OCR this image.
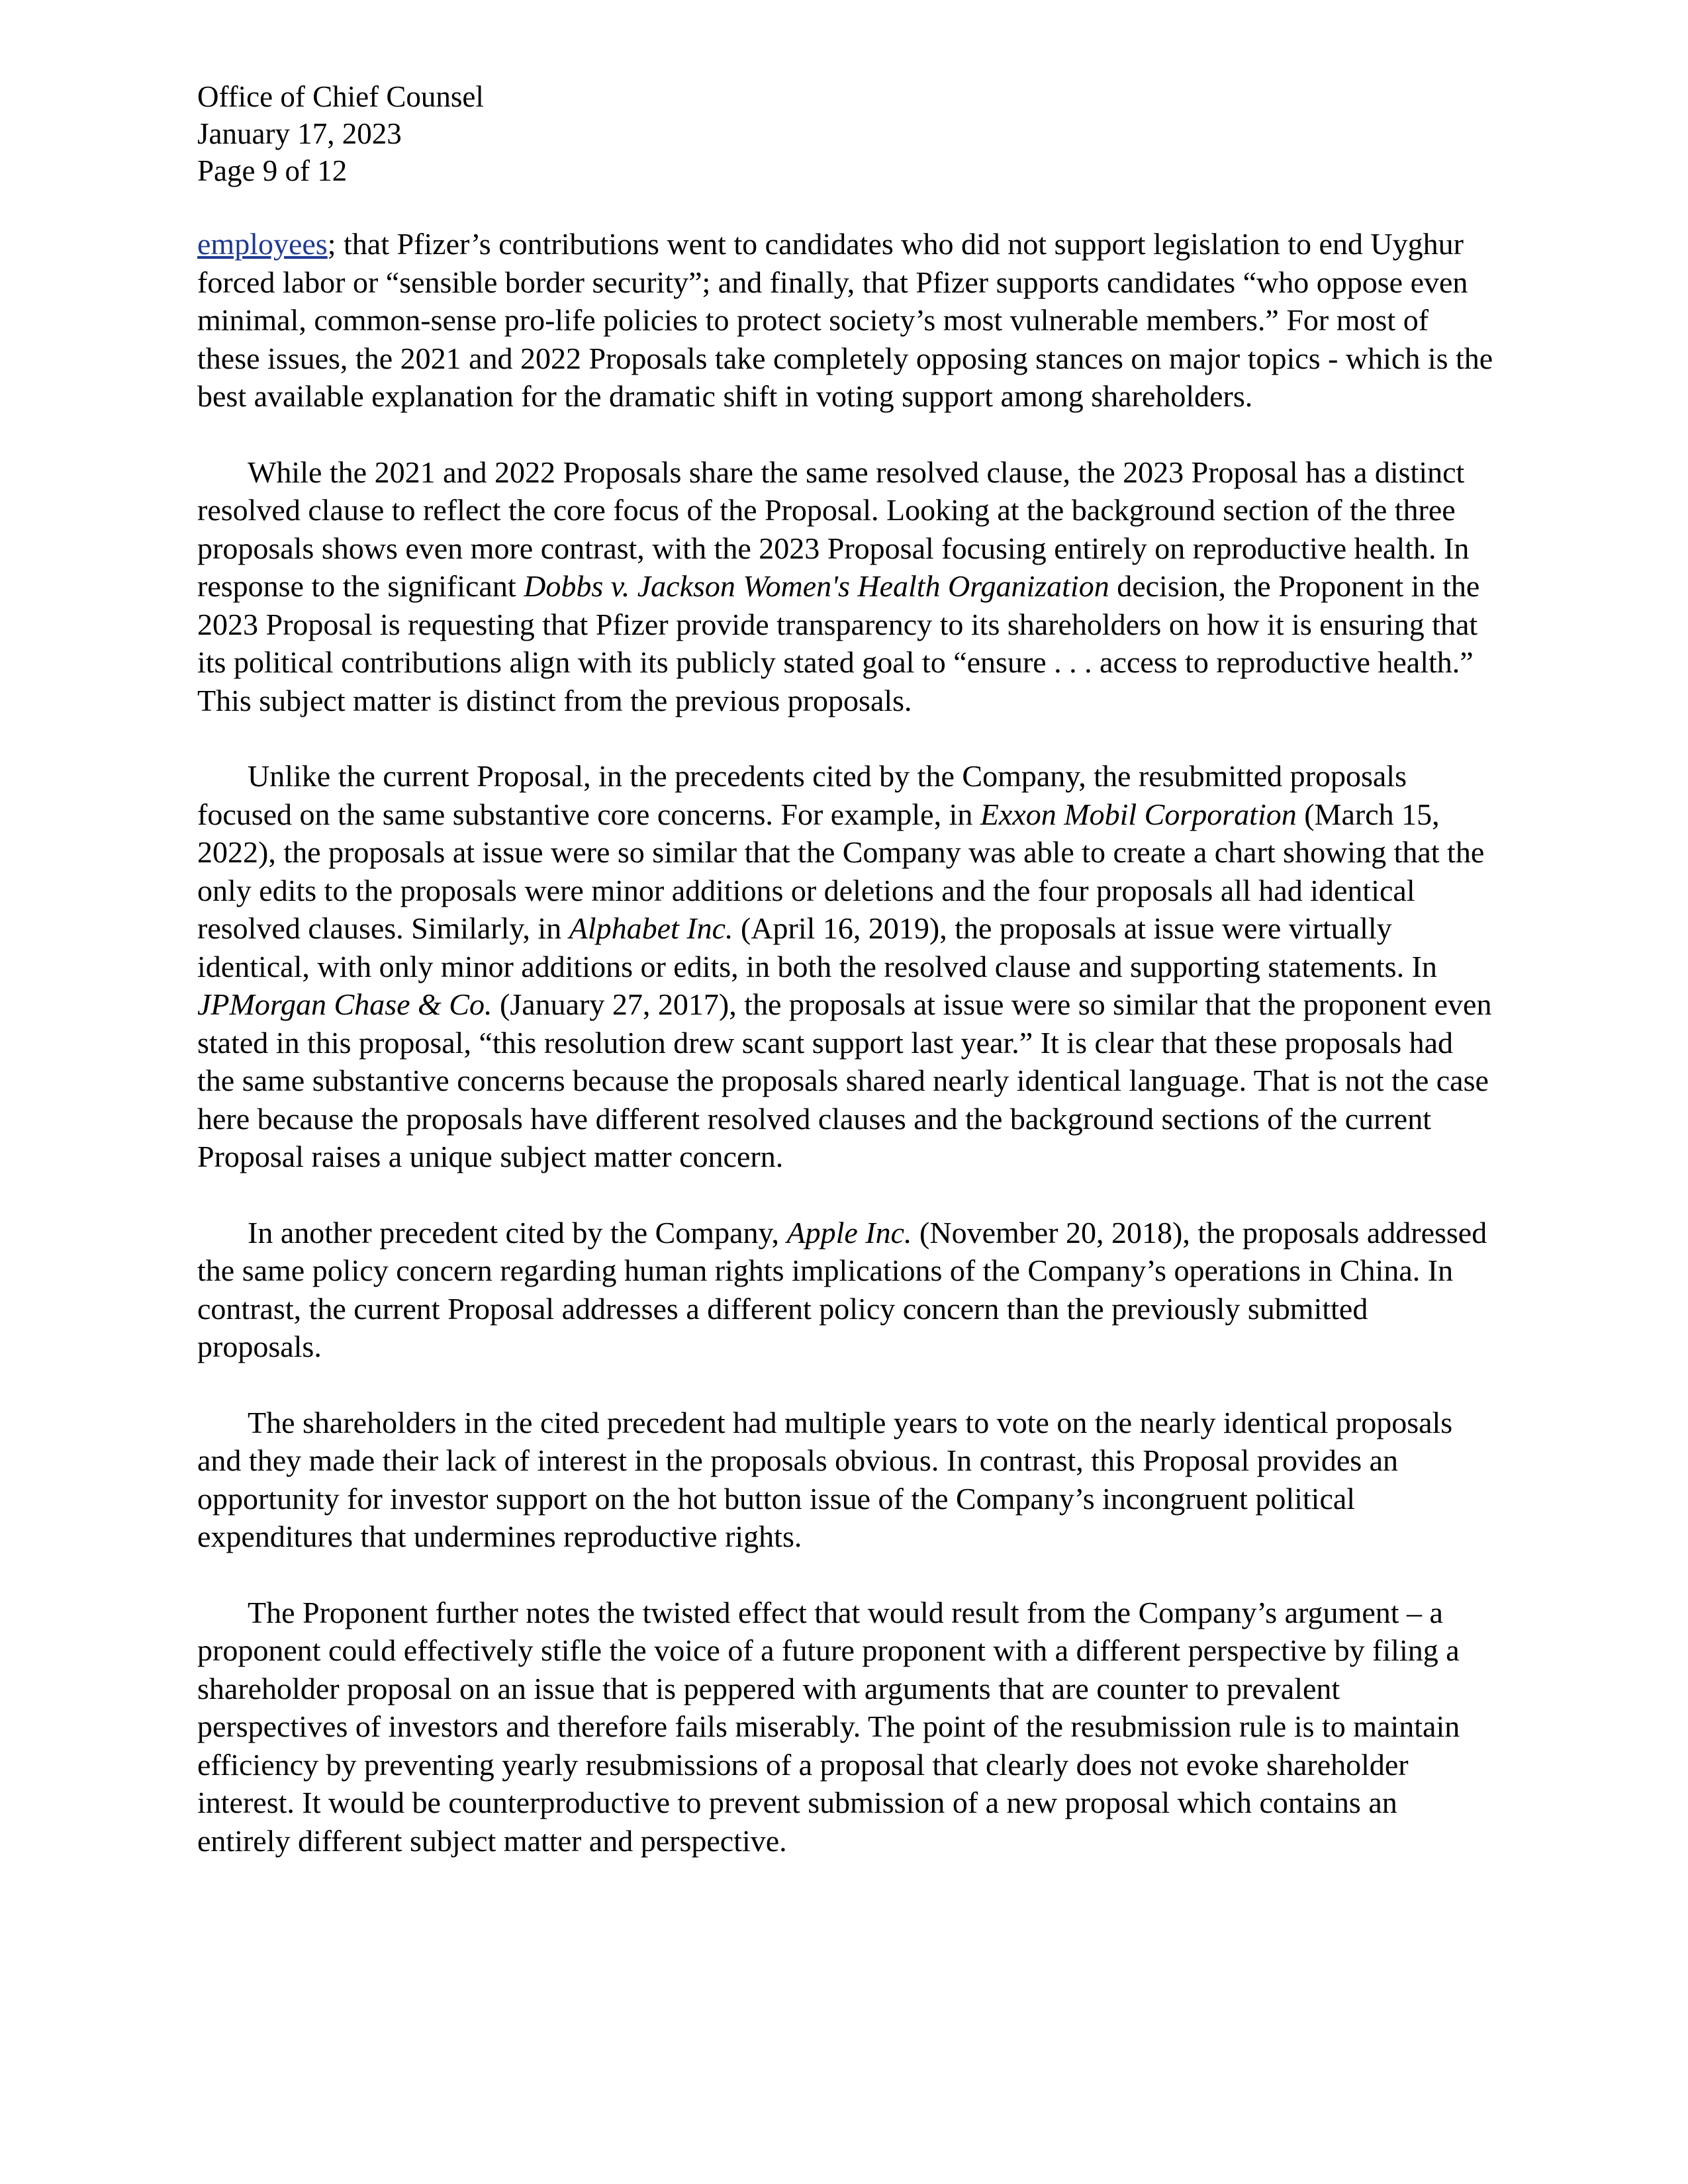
Office of Chief Counsel

January 17, 2023

Page 9 of 12

employees; that Pfizer’s contributions went to candidates who did not support legislation to end Uyghur forced labor or “sensible border security”; and finally, that Pfizer supports candidates “who oppose even minimal, common-sense pro-life policies to protect society’s most vulnerable members.” For most of these issues, the 2021 and 2022 Proposals take completely opposing stances on major topics - which is the best available explanation for the dramatic shift in voting support among shareholders.

While the 2021 and 2022 Proposals share the same resolved clause, the 2023 Proposal has a distinct resolved clause to reflect the core focus of the Proposal. Looking at the background section of the three proposals shows even more contrast, with the 2023 Proposal focusing entirely on reproductive health. In response to the significant Dobbs v. Jackson Women's Health Organization decision, the Proponent in the 2023 Proposal is requesting that Pfizer provide transparency to its shareholders on how it is ensuring that its political contributions align with its publicly stated goal to “ensure . . . access to reproductive health.” This subject matter is distinct from the previous proposals.

Unlike the current Proposal, in the precedents cited by the Company, the resubmitted proposals focused on the same substantive core concerns. For example, in Exxon Mobil Corporation (March 15, 2022), the proposals at issue were so similar that the Company was able to create a chart showing that the only edits to the proposals were minor additions or deletions and the four proposals all had identical resolved clauses. Similarly, in Alphabet Inc. (April 16, 2019), the proposals at issue were virtually identical, with only minor additions or edits, in both the resolved clause and supporting statements. In JPMorgan Chase & Co. (January 27, 2017), the proposals at issue were so similar that the proponent even stated in this proposal, “this resolution drew scant support last year.” It is clear that these proposals had the same substantive concerns because the proposals shared nearly identical language. That is not the case here because the proposals have different resolved clauses and the background sections of the current Proposal raises a unique subject matter concern.

In another precedent cited by the Company, Apple Inc. (November 20, 2018), the proposals addressed the same policy concern regarding human rights implications of the Company’s operations in China. In contrast, the current Proposal addresses a different policy concern than the previously submitted proposals.

The shareholders in the cited precedent had multiple years to vote on the nearly identical proposals and they made their lack of interest in the proposals obvious. In contrast, this Proposal provides an opportunity for investor support on the hot button issue of the Company’s incongruent political expenditures that undermines reproductive rights.

The Proponent further notes the twisted effect that would result from the Company’s argument – a proponent could effectively stifle the voice of a future proponent with a different perspective by filing a shareholder proposal on an issue that is peppered with arguments that are counter to prevalent perspectives of investors and therefore fails miserably. The point of the resubmission rule is to maintain efficiency by preventing yearly resubmissions of a proposal that clearly does not evoke shareholder interest. It would be counterproductive to prevent submission of a new proposal which contains an entirely different subject matter and perspective.
